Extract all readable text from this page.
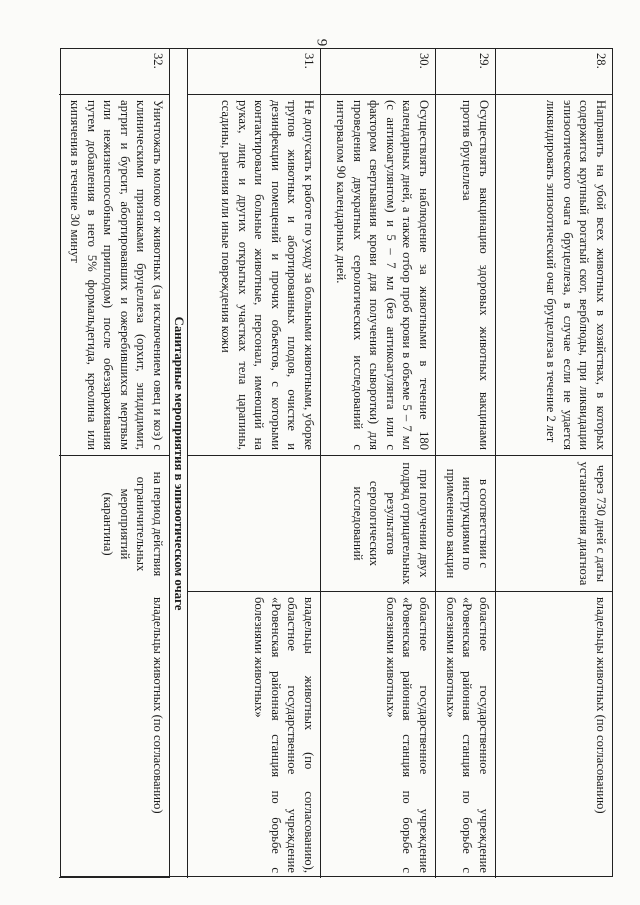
9
28.
Направить на убой всех животных в хозяйствах, в которых содержится крупный рогатый скот, верблюды, при ликвидации эпизоотического очага бруцеллеза, в случае если не удается ликвидировать эпизоотический очаг бруцеллеза в течение 2 лет
через 730 дней с даты установления диагноза
владельцы животных (по согласованию)
29.
Осуществлять вакцинацию здоровых животных вакцинами против бруцеллеза
в соответствии с инструкциями по применению вакцин
областное государственное учреждение «Ровенская районная станция по борьбе с болезнями животных»
30.
Осуществлять наблюдение за животными в течение 180 календарных дней, а также отбор проб крови в объеме 5 – 7 мл (с антикоагулянтом) и 5 – 7 мл (без антикоагулянта или с фактором свертывания крови для получения сыворотки) для проведения двукратных серологических исследований с интервалом 90 календарных дней.
при получении двух подряд отрицательных результатов серологических исследований
областное государственное учреждение «Ровенская районная станция по борьбе с болезнями животных»
31.
Не допускать к работе по уходу за больными животными, уборке трупов животных и абортированных плодов, очистке и дезинфекции помещений и прочих объектов, с которыми контактировали больные животные, персонал, имеющий на руках, лице и других открытых участках тела царапины, ссадины, ранения или иные повреждения кожи
владельцы животных (по согласованию), областное государственное учреждение «Ровенская районная станция по борьбе с болезнями животных»
Санитарные мероприятия в эпизоотическом очаге
32.
Уничтожать молоко от животных (за исключением овец и коз) с клиническими признаками бруцеллеза (орхит, эпидидимит, артрит и бурсит, абортировавших и ожеребившихся мертвым или нежизнеспособным приплодом) после обеззараживания путем добавления в него 5% формальдегида, креолина или кипячения в течение 30 минут
на период действия ограничительных мероприятий (карантина)
владельцы животных (по согласованию)
